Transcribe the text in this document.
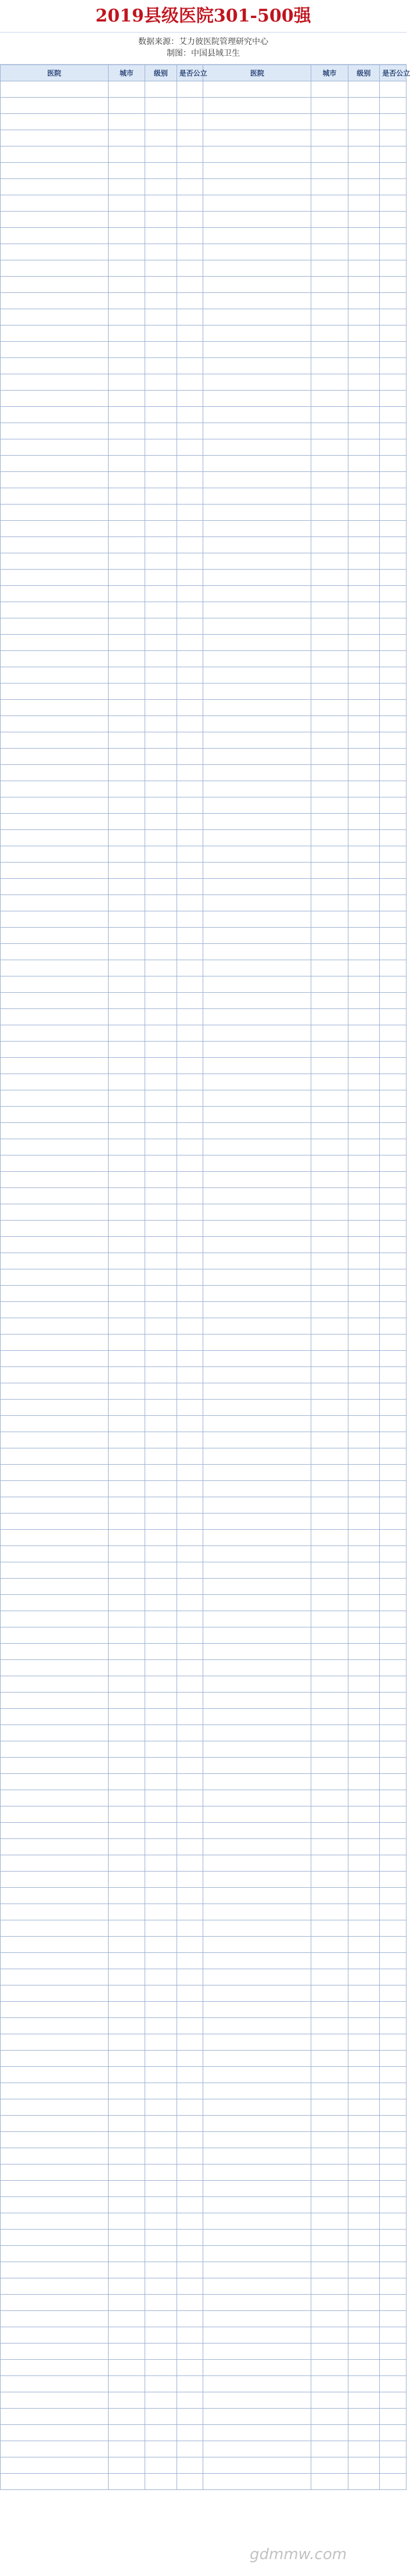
2019县级医院301-500强
数据来源：艾力彼医院管理研究中心
制图：中国县域卫生
医院	城市	级别	是否公立	医院	城市	级别	是否公立

gdmmw.com
